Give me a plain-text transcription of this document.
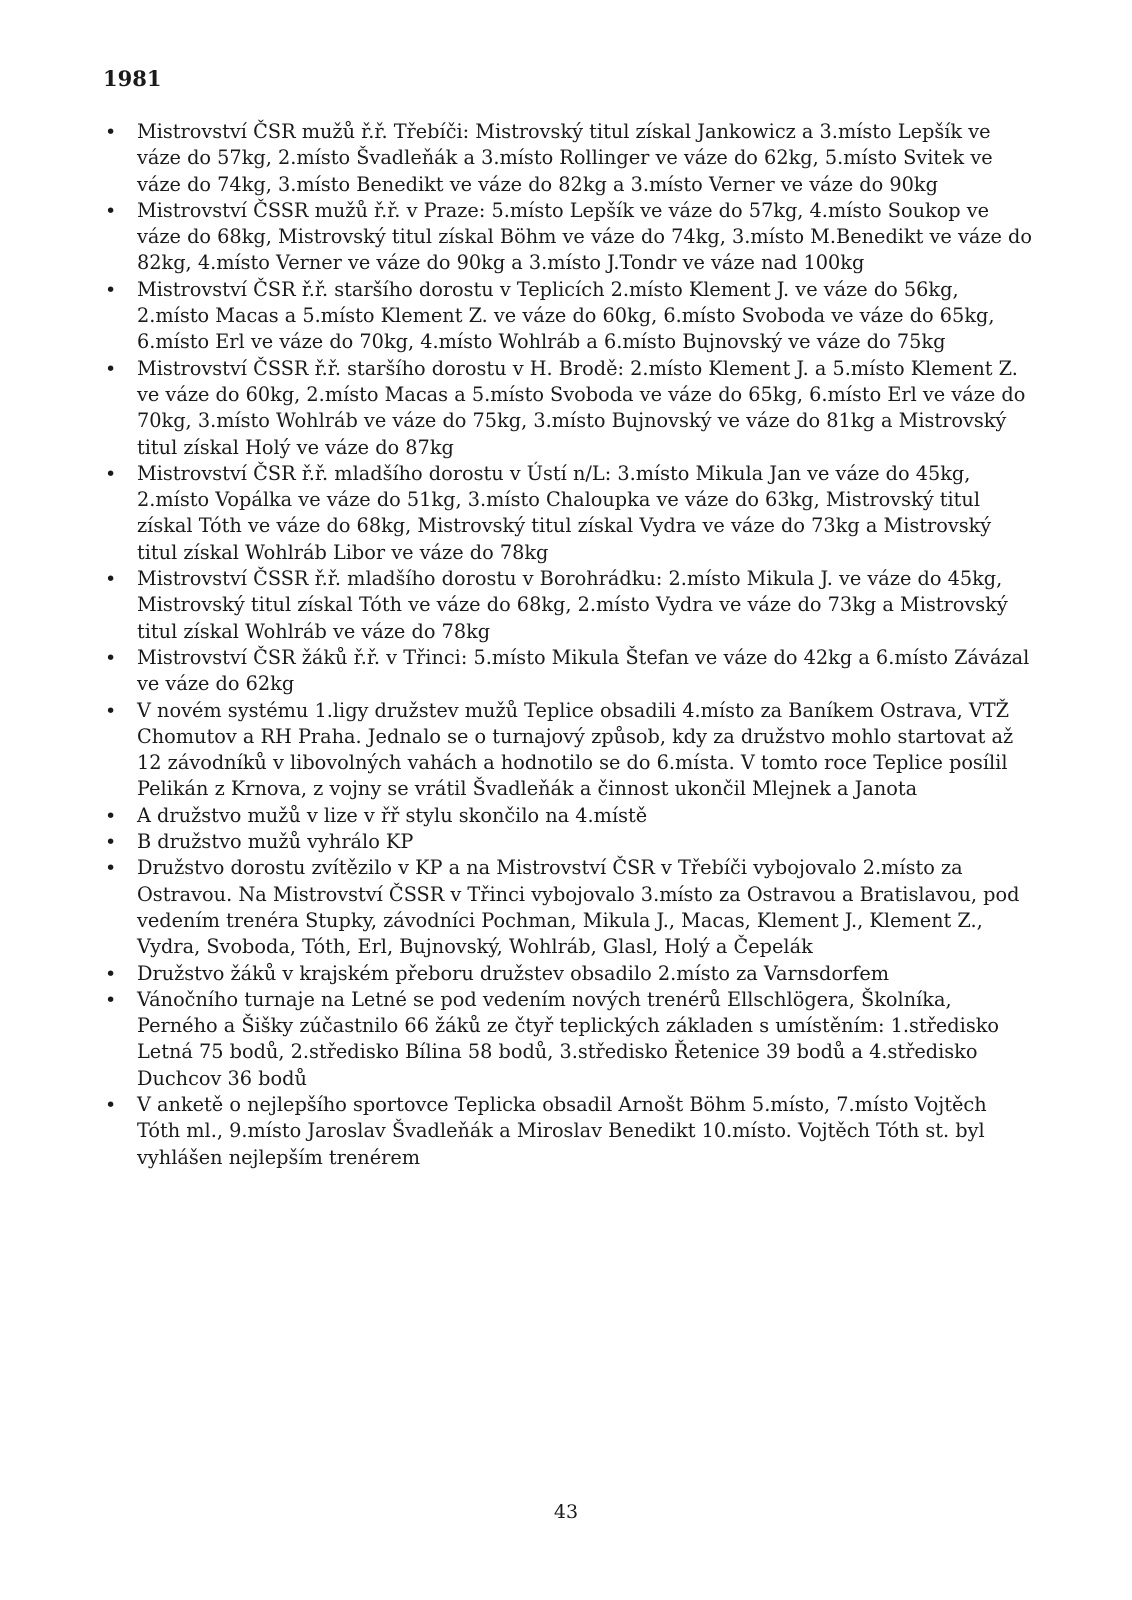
1981
• Mistrovství ČSR mužů ř.ř. Třebíči: Mistrovský titul získal Jankowicz a 3.místo Lepšík ve váze do 57kg, 2.místo Švadleňák a 3.místo Rollinger ve váze do 62kg, 5.místo Svitek ve váze do 74kg, 3.místo Benedikt ve váze do 82kg a 3.místo Verner ve váze do 90kg
• Mistrovství ČSSR mužů ř.ř. v Praze: 5.místo Lepšík ve váze do 57kg, 4.místo Soukop ve váze do 68kg, Mistrovský titul získal Böhm ve váze do 74kg, 3.místo M.Benedikt ve váze do 82kg, 4.místo Verner ve váze do 90kg a 3.místo J.Tondr ve váze nad 100kg
• Mistrovství ČSR ř.ř. staršího dorostu v Teplicích 2.místo Klement J. ve váze do 56kg, 2.místo Macas a 5.místo Klement Z. ve váze do 60kg, 6.místo Svoboda ve váze do 65kg, 6.místo Erl ve váze do 70kg, 4.místo Wohlráb a 6.místo Bujnovský ve váze do 75kg
• Mistrovství ČSSR ř.ř. staršího dorostu v H. Brodě: 2.místo Klement J. a 5.místo Klement Z. ve váze do 60kg, 2.místo Macas a 5.místo Svoboda ve váze do 65kg, 6.místo Erl ve váze do 70kg, 3.místo Wohlráb ve váze do 75kg, 3.místo Bujnovský ve váze do 81kg a Mistrovský titul získal Holý ve váze do 87kg
• Mistrovství ČSR ř.ř. mladšího dorostu v Ústí n/L: 3.místo Mikula Jan ve váze do 45kg, 2.místo Vopálka ve váze do 51kg, 3.místo Chaloupka ve váze do 63kg, Mistrovský titul získal Tóth ve váze do 68kg, Mistrovský titul získal Vydra ve váze do 73kg a Mistrovský titul získal Wohlráb Libor ve váze do 78kg
• Mistrovství ČSSR ř.ř. mladšího dorostu v Borohrádku: 2.místo Mikula J. ve váze do 45kg, Mistrovský titul získal Tóth ve váze do 68kg, 2.místo Vydra ve váze do 73kg a Mistrovský titul získal Wohlráb ve váze do 78kg
• Mistrovství ČSR žáků ř.ř. v Třinci: 5.místo Mikula Štefan ve váze do 42kg a 6.místo Závázal ve váze do 62kg
• V novém systému 1.ligy družstev mužů Teplice obsadili 4.místo za Baníkem Ostrava, VTŽ Chomutov a RH Praha. Jednalo se o turnajový způsob, kdy za družstvo mohlo startovat až 12 závodníků v libovolných vahách a hodnotilo se do 6.místa. V tomto roce Teplice posílil Pelikán z Krnova, z vojny se vrátil Švadleňák a činnost ukončil Mlejnek a Janota
• A družstvo mužů v lize v řř stylu skončilo na 4.místě
• B družstvo mužů vyhrálo KP
• Družstvo dorostu zvítězilo v KP a na Mistrovství ČSR v Třebíči vybojovalo 2.místo za Ostravou. Na Mistrovství ČSSR v Třinci vybojovalo 3.místo za Ostravou a Bratislavou, pod vedením trenéra Stupky, závodníci Pochman, Mikula J., Macas, Klement J., Klement Z., Vydra, Svoboda, Tóth, Erl, Bujnovský, Wohlráb, Glasl, Holý a Čepelák
• Družstvo žáků v krajském přeboru družstev obsadilo 2.místo za Varnsdorfem
• Vánočního turnaje na Letné se pod vedením nových trenérů Ellschlögera, Školníka, Perného a Šišky zúčastnilo 66 žáků ze čtyř teplických základen s umístěním: 1.středisko Letná 75 bodů, 2.středisko Bílina 58 bodů, 3.středisko Řetenice 39 bodů a 4.středisko Duchcov 36 bodů
• V anketě o nejlepšího sportovce Teplicka obsadil Arnošt Böhm 5.místo, 7.místo Vojtěch Tóth ml., 9.místo Jaroslav Švadleňák a Miroslav Benedikt 10.místo. Vojtěch Tóth st. byl vyhlášen nejlepším trenérem

43
